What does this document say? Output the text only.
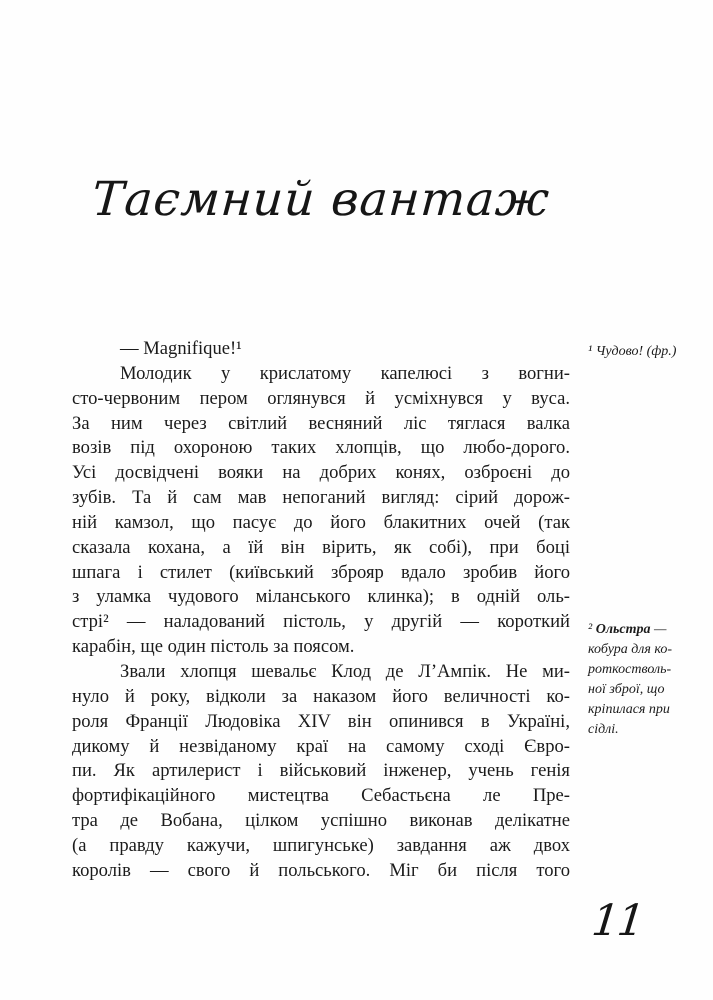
Таємний вантаж
— Magnifique!¹
Молодик у крислатому капелюсі з вогни-
сто-червоним пером оглянувся й усміхнувся у вуса.
За ним через світлий весняний ліс тяглася валка
возів під охороною таких хлопців, що любо-дорого.
Усі досвідчені вояки на добрих конях, озброєні до
зубів. Та й сам мав непоганий вигляд: сірий дорож-
ній камзол, що пасує до його блакитних очей (так
сказала кохана, а їй він вірить, як собі), при боці
шпага і стилет (київський зброяр вдало зробив його
з уламка чудового міланського клинка); в одній оль-
стрі² — наладований пістоль, у другій — короткий
карабін, ще один пістоль за поясом.
Звали хлопця шевальє Клод де Л’Ампік. Не ми-
нуло й року, відколи за наказом його величності ко-
роля Франції Людовіка XIV він опинився в Україні,
дикому й незвіданому краї на самому сході Євро-
пи. Як артилерист і військовий інженер, учень генія
фортифікаційного мистецтва Себастьєна ле Пре-
тра де Вобана, цілком успішно виконав делікатне
(а правду кажучи, шпигунське) завдання аж двох
королів — свого й польського. Міг би після того
¹ Чудово! (фр.)
² Ольстра —
кобура для ко-
роткостволь-
ної зброї, що
кріпилася при
сідлі.
11
